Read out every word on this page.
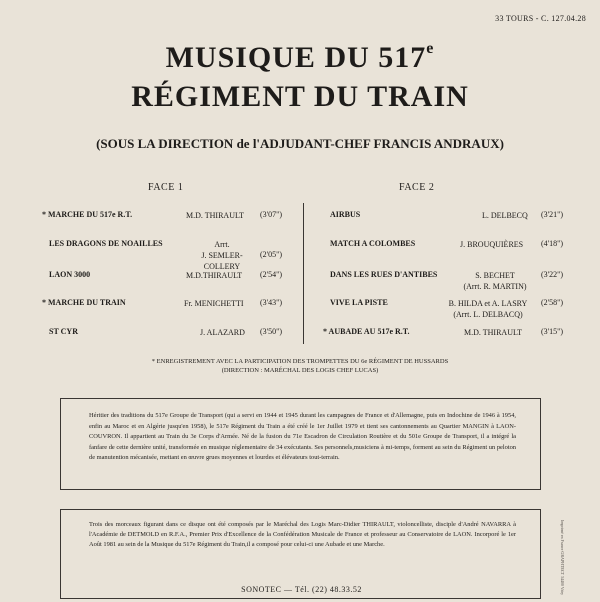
33 TOURS - C. 127.04.28
MUSIQUE DU 517e
RÉGIMENT DU TRAIN
(SOUS LA DIRECTION de l'ADJUDANT-CHEF FRANCIS ANDRAUX)
FACE 1	FACE 2
* MARCHE DU 517e R.T.	M.D. THIRAULT (3'07")
LES DRAGONS DE NOAILLES	Arrt.
J. SEMLER-COLLERY
(2'05")
LAON 3000	M.D.THIRAULT (2'54")
* MARCHE DU TRAIN	Fr. MENICHETTI (3'43")
ST CYR	J. ALAZARD (3'50")
AIRBUS	L. DELBECQ (3'21")
MATCH A COLOMBES	J. BROUQUIÈRES (4'18")
DANS LES RUES D'ANTIBES	S. BECHET
(Arrt. R. MARTIN)
(3'22")
VIVE LA PISTE	B. HILDA et A. LASRY
(Arrt. L. DELBACQ)
(2'58")
* AUBADE AU 517e R.T.	M.D. THIRAULT (3'15")
* ENREGISTREMENT AVEC LA PARTICIPATION DES TROMPETTES DU 6e RÉGIMENT DE HUSSARDS
(DIRECTION : MARÉCHAL DES LOGIS CHEF LUCAS)
Héritier des traditions du 517e Groupe de Transport (qui a servi en 1944 et 1945 durant les campagnes de France et d'Allemagne, puis en Indochine de 1946 à 1954, enfin au Maroc et en Algérie jusqu'en 1958), le 517e Régiment du Train a été créé le 1er Juillet 1979 et tient ses cantonnements au Quartier MANGIN à LAON-COUVRON. Il appartient au Train du 3e Corps d'Armée. Né de la fusion du 71e Escadron de Circulation Routière et du 501e Groupe de Transport, il a intégré la fanfare de cette dernière unité, transformée en musique réglementaire de 34 exécutants. Ses personnels,musiciens à mi-temps, forment au sein du Régiment un peloton de manutention mécanisée, mettant en œuvre grues moyennes et lourdes et élévateurs tout-terrain.
Trois des morceaux figurant dans ce disque ont été composés par le Maréchal des Logis Marc-Didier THIRAULT, violoncelliste, disciple d'André NAVARRA à l'Académie de DETMOLD en R.F.A., Premier Prix d'Excellence de la Confédération Musicale de France et professeur au Conservatoire de LAON. Incorporé le 1er Août 1981 au sein de la Musique du 517e Régiment du Train,il a composé pour celui-ci une Aubade et une Marche.
SONOTEC — Tél. (22) 48.33.52	Imprimé en France GRAPHTECT 34400 Vitry
